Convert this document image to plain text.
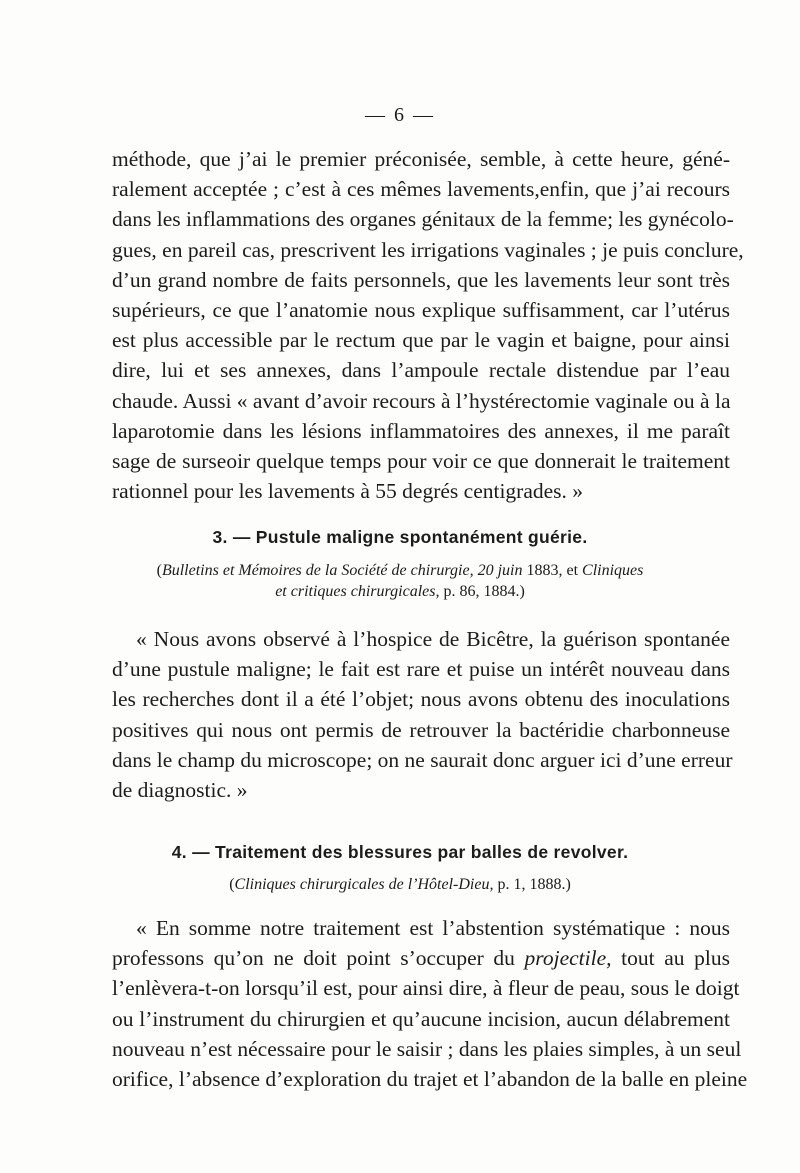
— 6 —
méthode, que j’ai le premier préconisée, semble, à cette heure, géné-
ralement acceptée ; c’est à ces mêmes lavements,enfin, que j’ai recours
dans les inflammations des organes génitaux de la femme; les gynécolo-
gues, en pareil cas, prescrivent les irrigations vaginales ; je puis conclure,
d’un grand nombre de faits personnels, que les lavements leur sont très
supérieurs, ce que l’anatomie nous explique suffisamment, car l’utérus
est plus accessible par le rectum que par le vagin et baigne, pour ainsi
dire, lui et ses annexes, dans l’ampoule rectale distendue par l’eau
chaude. Aussi « avant d’avoir recours à l’hystérectomie vaginale ou à la
laparotomie dans les lésions inflammatoires des annexes, il me paraît
sage de surseoir quelque temps pour voir ce que donnerait le traitement
rationnel pour les lavements à 55 degrés centigrades. »
3. — Pustule maligne spontanément guérie.
(Bulletins et Mémoires de la Société de chirurgie, 20 juin 1883, et Cliniques
et critiques chirurgicales, p. 86, 1884.)
« Nous avons observé à l’hospice de Bicêtre, la guérison spontanée
d’une pustule maligne; le fait est rare et puise un intérêt nouveau dans
les recherches dont il a été l’objet; nous avons obtenu des inoculations
positives qui nous ont permis de retrouver la bactéridie charbonneuse
dans le champ du microscope; on ne saurait donc arguer ici d’une erreur
de diagnostic. »
4. — Traitement des blessures par balles de revolver.
(Cliniques chirurgicales de l’Hôtel-Dieu, p. 1, 1888.)
« En somme notre traitement est l’abstention systématique : nous
professons qu’on ne doit point s’occuper du projectile, tout au plus
l’enlèvera-t-on lorsqu’il est, pour ainsi dire, à fleur de peau, sous le doigt
ou l’instrument du chirurgien et qu’aucune incision, aucun délabrement
nouveau n’est nécessaire pour le saisir ; dans les plaies simples, à un seul
orifice, l’absence d’exploration du trajet et l’abandon de la balle en pleine
